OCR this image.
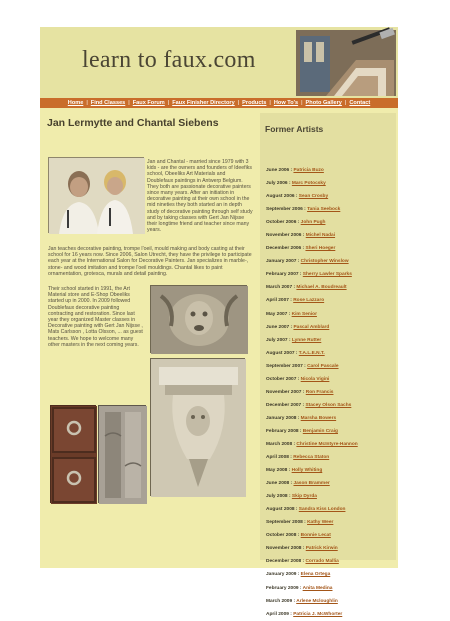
learn to faux.com
Home | Find Classes | Faux Forum | Faux Finisher Directory | Products | How To's | Photo Gallery | Contact
Jan Lermytte and Chantal Siebens
Jan and Chantal - married since 1979 with 3 kids - are the owners and founders of Ideefiks school, Obeeliks Art Materials and Doublefaux paintings in Antwerp Belgium. They both are passionate decorative painters since many years. After an initiation in decorative painting at their own school in the mid nineties they both started an in depth study of decorative painting through self study and by taking classes with Gert Jan Nijsse their longtime friend and teacher since many years.
Jan teaches decorative painting, trompe l'oeil, mould making and body casting at their school for 16 years now. Since 2006, Salon Utrecht, they have the privilege to participate each year at the International Salon for Decorative Painters. Jan specializes in marble-, stone- and wood imitation and trompe l'oeil mouldings. Chantal likes to paint ornamentation, grotesca, murals and detail painting.
Their school started in 1991, the Art Material store and E-Shop Obeeliks started up in 2000. In 2009 followed Doublefaux decorative painting contracting and restoration. Since last year they organized Master classes in Decorative painting with Gert Jan Nijsse , Mats Carlsson , Lotta Olsson, ... as guest teachers. We hope to welcome many other masters in the next coming years.
Former Artists
June 2006 : Patricia Buzo
July 2006 : Marc Potocsky
August 2006 : Sean Crosby
September 2006 : Tania Seebock
October 2006 : John Pugh
November 2006 : Michel Nadai
December 2006 : Sheri Hoeger
January 2007 : Christopher Winslow
February 2007 : Sherry Lawler Sparks
March 2007 : Michael A. Boudreault
April 2007 : Rose Lazzaro
May 2007 : Kim Senior
June 2007 : Pascal Amblard
July 2007 : Lynne Rutter
August 2007 : T.A.L.E.N.T.
September 2007 : Carol Pascale
October 2007 : Nicola Vigini
November 2007 : Ron Francis
December 2007 : Stacey Olson Sachs
January 2008 : Marsha Bowers
February 2008 : Benjamin Craig
March 2008 : Christine McIntyre-Hannon
April 2008 : Rebecca Staton
May 2008 : Holly Whiting
June 2008 : Jason Brammer
July 2008 : Skip Dyrda
August 2008 : Sandra Kiss London
September 2008 : Kathy Weer
October 2008 : Bonnie Lecat
November 2008 : Patrick Kirwin
December 2008 : Corrado Mallia
January 2009 : Elena Ortega
February 2009 : Anita Medina
March 2009 : Arlene Mcloughlin
April 2009 : Patricia J. McWhorter
